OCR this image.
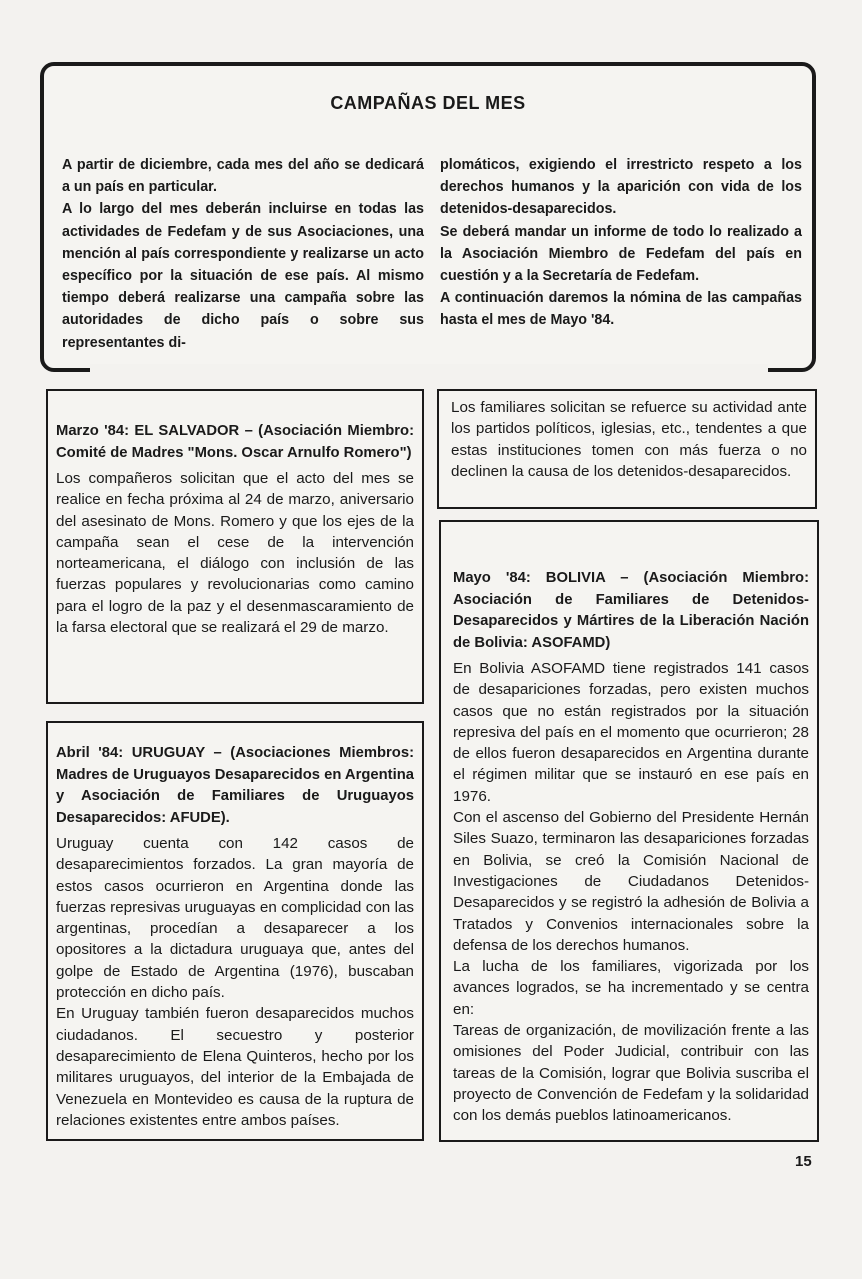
CAMPAÑAS DEL MES

A partir de diciembre, cada mes del año se dedicará a un país en particular.

A lo largo del mes deberán incluirse en todas las actividades de Fedefam y de sus Asociaciones, una mención al país correspondiente y realizarse un acto específico por la situación de ese país. Al mismo tiempo deberá realizarse una campaña sobre las autoridades de dicho país o sobre sus representantes di-

plomáticos, exigiendo el irrestricto respeto a los derechos humanos y la aparición con vida de los detenidos-desaparecidos.

Se deberá mandar un informe de todo lo realizado a la Asociación Miembro de Fedefam del país en cuestión y a la Secretaría de Fedefam.

A continuación daremos la nómina de las campañas hasta el mes de Mayo '84.

Marzo '84: EL SALVADOR – (Asociación Miembro: Comité de Madres "Mons. Oscar Arnulfo Romero")

Los compañeros solicitan que el acto del mes se realice en fecha próxima al 24 de marzo, aniversario del asesinato de Mons. Romero y que los ejes de la campaña sean el cese de la intervención norteamericana, el diálogo con inclusión de las fuerzas populares y revolucionarias como camino para el logro de la paz y el desenmascaramiento de la farsa electoral que se realizará el 29 de marzo.

Los familiares solicitan se refuerce su actividad ante los partidos políticos, iglesias, etc., tendentes a que estas instituciones tomen con más fuerza o no declinen la causa de los detenidos-desaparecidos.

Abril '84: URUGUAY – (Asociaciones Miembros: Madres de Uruguayos Desaparecidos en Argentina y Asociación de Familiares de Uruguayos Desaparecidos: AFUDE).

Uruguay cuenta con 142 casos de desaparecimientos forzados. La gran mayoría de estos casos ocurrieron en Argentina donde las fuerzas represivas uruguayas en complicidad con las argentinas, procedían a desaparecer a los opositores a la dictadura uruguaya que, antes del golpe de Estado de Argentina (1976), buscaban protección en dicho país.

En Uruguay también fueron desaparecidos muchos ciudadanos. El secuestro y posterior desaparecimiento de Elena Quinteros, hecho por los militares uruguayos, del interior de la Embajada de Venezuela en Montevideo es causa de la ruptura de relaciones existentes entre ambos países.

Mayo '84: BOLIVIA – (Asociación Miembro: Asociación de Familiares de Detenidos-Desaparecidos y Mártires de la Liberación Nación de Bolivia: ASOFAMD)

En Bolivia ASOFAMD tiene registrados 141 casos de desapariciones forzadas, pero existen muchos casos que no están registrados por la situación represiva del país en el momento que ocurrieron; 28 de ellos fueron desaparecidos en Argentina durante el régimen militar que se instauró en ese país en 1976.

Con el ascenso del Gobierno del Presidente Hernán Siles Suazo, terminaron las desapariciones forzadas en Bolivia, se creó la Comisión Nacional de Investigaciones de Ciudadanos Detenidos-Desaparecidos y se registró la adhesión de Bolivia a Tratados y Convenios internacionales sobre la defensa de los derechos humanos.

La lucha de los familiares, vigorizada por los avances logrados, se ha incrementado y se centra en:

Tareas de organización, de movilización frente a las omisiones del Poder Judicial, contribuir con las tareas de la Comisión, lograr que Bolivia suscriba el proyecto de Convención de Fedefam y la solidaridad con los demás pueblos latinoamericanos.

15
